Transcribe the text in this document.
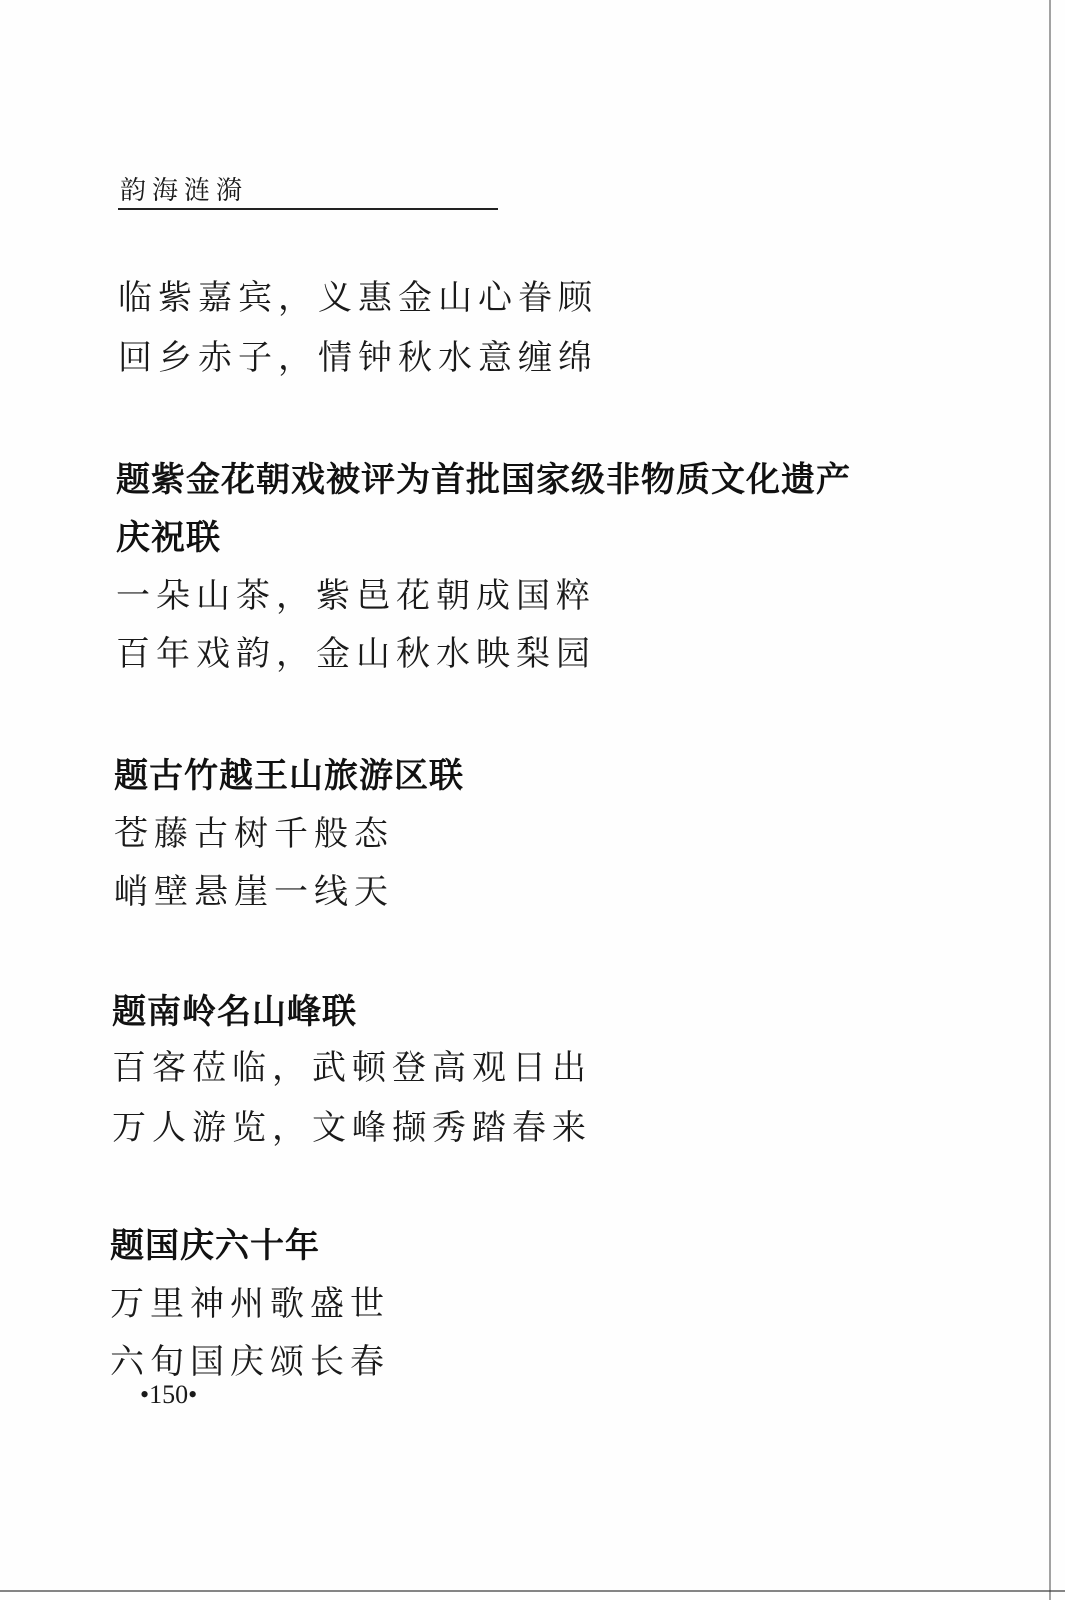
韵海涟漪
临紫嘉宾，义惠金山心眷顾
回乡赤子，情钟秋水意缠绵
题紫金花朝戏被评为首批国家级非物质文化遗产
庆祝联
一朵山茶，紫邑花朝成国粹
百年戏韵，金山秋水映梨园
题古竹越王山旅游区联
苍藤古树千般态
峭壁悬崖一线天
题南岭名山峰联
百客莅临，武顿登高观日出
万人游览，文峰撷秀踏春来
题国庆六十年
万里神州歌盛世
六旬国庆颂长春
•150•
